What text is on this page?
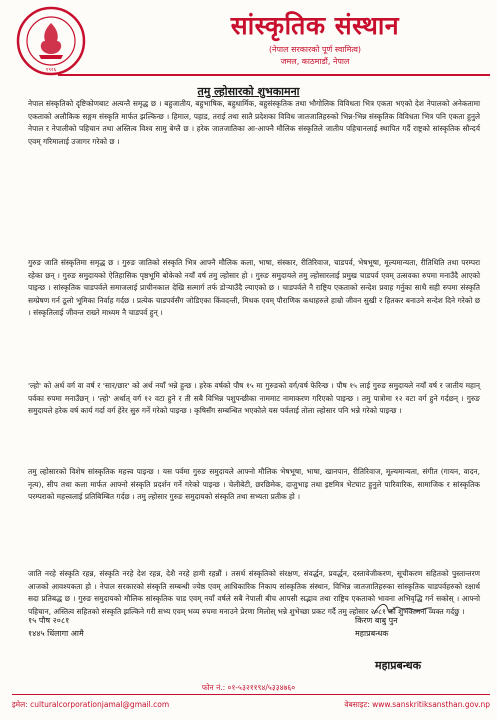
१९२६
सांस्कृतिक संस्थान
(नेपाल सरकारको पूर्ण स्वामित्व)
जमल, काठमाडौं, नेपाल
तमु ल्होसारको शुभकामना
नेपाल संस्कृतिको दृष्टिकोणबाट अत्यन्तै समृद्ध छ । बहुजातीय, बहुभाषिक, बहुधार्मिक, बहुसंस्कृतिक तथा भौगोलिक विविधता भित्र एकता भएको देश नेपालको अनेकतामा एकताको अलौकिक सङ्गम संस्कृति मार्फत झल्किन्छ । हिमाल, पहाड, तराई तथा सातै प्रदेशका विविध जातजातिहरुको भिन्न-भिन्न संस्कृतिक विविधता भित्र पनि एकता हुनुले नेपाल र नेपालीको पहिचान तथा अस्तित्व विश्व सामु बेग्लै छ । हरेक जातजातिका आ-आफ्नै मौलिक संस्कृतिले जातीय पहिचानलाई स्थापित गर्दै राष्ट्रको सांस्कृतिक सौन्दर्य एवम् गरिमालाई उजागर गरेको छ ।
गुरुङ जाति संस्कृतिमा समृद्ध छ । गुरुङ जातिको संस्कृति भित्र आफ्नै मौलिक कला, भाषा, संस्कार, रीतिरिवाज, चाडपर्व, भेषभूषा, मूल्यमान्यता, रीतिथिति तथा परम्परा रहेका छन् । गुरुङ समुदायको ऐतिहासिक पृष्ठभूमि बोकेको नयाँ वर्ष तमु ल्होसार हो । गुरुङ समुदायले तमु ल्होसारलाई प्रमुख चाडपर्व एवम् उत्सवका रुपमा मनाउँदै आएको पाइन्छ । सांस्कृतिक चाडपर्वले समाजलाई प्राचीनकाल देखि सत्मार्ग तर्फ डोऱ्याउँदै ल्याएको छ । चाडपर्वले नै राष्ट्रिय एकताको सन्देश प्रवाह गर्नुका साथै सही रुपमा संस्कृति सम्प्रेषण गर्न ठूलो भूमिका निर्वाह गर्दछ । प्रत्येक चाडपर्वसँग जोडिएका किंवदन्ती, मिथक एवम् पौराणिक कथाहरुले हाम्रो जीवन सुखी र हितकर बनाउने सन्देश दिने गरेको छ । संस्कृतिलाई जीवन्त राख्ने माध्यम नै चाडपर्व हुन् ।
'ल्हो' को अर्थ वर्ग वा वर्ष र 'सार/छार' को अर्थ नयाँ भन्ने हुन्छ । हरेक वर्षको पौष १५ मा गुरुङको वर्ग/वर्ष फेरिन्छ । पौष १५ लाई गुरुङ समुदायले नयाँ वर्ष र जातीय महान् पर्वका रुपमा मनाउँछन् । 'ल्हो' अर्थात् वर्ग १२ वटा हुने र ती सबै विभिन्न पशुपन्छीका नाममाट नामाकरण गरिएको पाइन्छ । तमु पात्रोमा १२ वटा वर्ग हुने गर्दछन् । गुरुङ समुदायले हरेक वर्ष कार्य गर्दा वर्ग हेरेर सुरु गर्ने गरेको पाइन्छ । कृषिसँग सम्बन्धित भएकोले यस पर्वलाई तोला ल्होसार पनि भन्ने गरेको पाइन्छ ।
तमु ल्होसारको विशेष सांस्कृतिक महत्त्व पाइन्छ । यस पर्वमा गुरुङ समुदायले आफ्नो मौलिक भेषभूषा, भाषा, खानपान, रीतिरिवाज, मूल्यमान्यता, संगीत (गायन, वादन, नृत्य), सीप तथा कला मार्फत आफ्नो संस्कृति प्रदर्शन गर्ने गरेको पाइन्छ । चेलीबेटी, छरछिमेक, दाजुभाइ तथा इष्टमित्र भेटघाट हुनुले पारिवारिक, सामाजिक र सांस्कृतिक परम्पराको महत्त्वलाई प्रतिबिम्बित गर्दछ । तमु ल्होसार गुरुङ समुदायको संस्कृति तथा सभ्यता प्रतीक हो ।
जाति नरहे संस्कृति रहन्न, संस्कृति नरहे देश रहन्न, देशै नरहे हामी रहन्नौं । तसर्थ संस्कृतिको संरक्षण, संवर्द्धन, प्रवर्द्धन, दस्तावेजीकरण, सूचीकरण सहितको पुस्तान्तरण आजको आवश्यकता हो । नेपाल सरकारको संस्कृति सम्बन्धी ज्येष्ठ एवम् आधिकारिक निकाय सांस्कृतिक संस्थान, विभिन्न जातजातिहरुका सांस्कृतिक चाडपर्वहरुको रक्षार्थ सदा प्रतिबद्ध छ । गुरुङ समुदायको मौलिक सांस्कृतिक चाड एवम् नयाँ वर्षले सबै नेपाली बीच आपसी सद्भाव तथा राष्ट्रिय एकताको भावना अभिवृद्धि गर्न सकोस् । आफ्नो पहिचान, अस्तित्व सहितको संस्कृति झल्किने गरी सभ्य एवम् भव्य रुपमा मनाउने प्रेरणा मिलोस् भन्ने शुभेच्छा प्रकट गर्दै तमु ल्होसार २०८१ को शुभकामना व्यक्त गर्दछु ।
१५ पौष २०८१
१४४५ धिंलागा आमै
किरण बाबु पुन
महाप्रबन्धक
महाप्रबन्धक
फोन नं.: ०१-५३२११९४/५३३४७६०
इमेल: culturalcorporationjamal@gmail.com	वेबसाइट: www.sanskritiksansthan.gov.np
